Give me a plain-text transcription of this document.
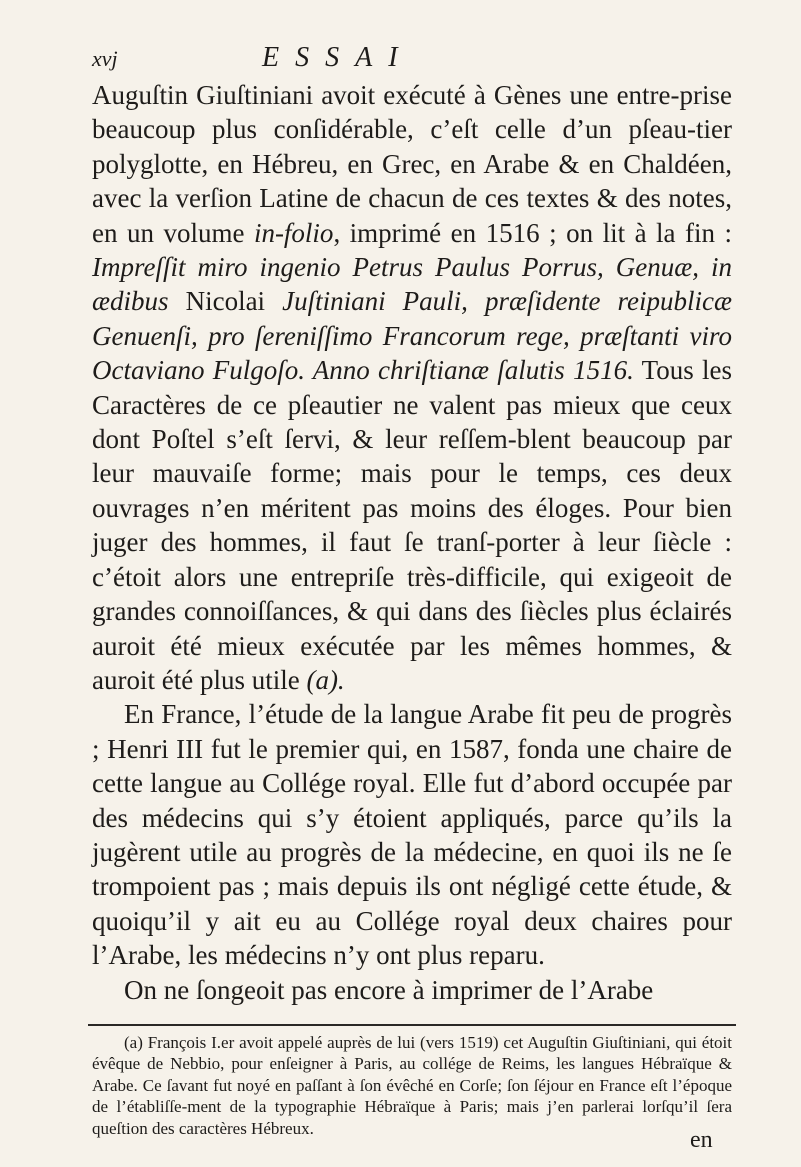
xvj	ESSAI

Auguſtin Giuſtiniani avoit exécuté à Gènes une entre-prise beaucoup plus conſidérable, c’eſt celle d’un pſeau-tier polyglotte, en Hébreu, en Grec, en Arabe & en Chaldéen, avec la verſion Latine de chacun de ces textes & des notes, en un volume in-folio, imprimé en 1516 ; on lit à la fin : Impreſſit miro ingenio Petrus Paulus Porrus, Genuæ, in ædibus Nicolai Juſtiniani Pauli, præſidente reipublicæ Genuenſi, pro ſereniſſimo Francorum rege, præſtanti viro Octaviano Fulgoſo. Anno chriſtianæ ſalutis 1516. Tous les Caractères de ce pſeautier ne valent pas mieux que ceux dont Poſtel s’eſt ſervi, & leur reſſem-blent beaucoup par leur mauvaiſe forme; mais pour le temps, ces deux ouvrages n’en méritent pas moins des éloges. Pour bien juger des hommes, il faut ſe tranſ-porter à leur ſiècle : c’étoit alors une entrepriſe très-difficile, qui exigeoit de grandes connoiſſances, & qui dans des ſiècles plus éclairés auroit été mieux exécutée par les mêmes hommes, & auroit été plus utile (a).

En France, l’étude de la langue Arabe fit peu de progrès ; Henri III fut le premier qui, en 1587, fonda une chaire de cette langue au Collége royal. Elle fut d’abord occupée par des médecins qui s’y étoient appliqués, parce qu’ils la jugèrent utile au progrès de la médecine, en quoi ils ne ſe trompoient pas ; mais depuis ils ont négligé cette étude, & quoiqu’il y ait eu au Collége royal deux chaires pour l’Arabe, les médecins n’y ont plus reparu.

On ne ſongeoit pas encore à imprimer de l’Arabe

(a) François I.er avoit appelé auprès de lui (vers 1519) cet Auguſtin Giuſtiniani, qui étoit évêque de Nebbio, pour enſeigner à Paris, au collége de Reims, les langues Hébraïque & Arabe. Ce ſavant fut noyé en paſſant à ſon évêché en Corſe; ſon ſéjour en France eſt l’époque de l’établiſſe-ment de la typographie Hébraïque à Paris; mais j’en parlerai lorſqu’il ſera queſtion des caractères Hébreux.	en
